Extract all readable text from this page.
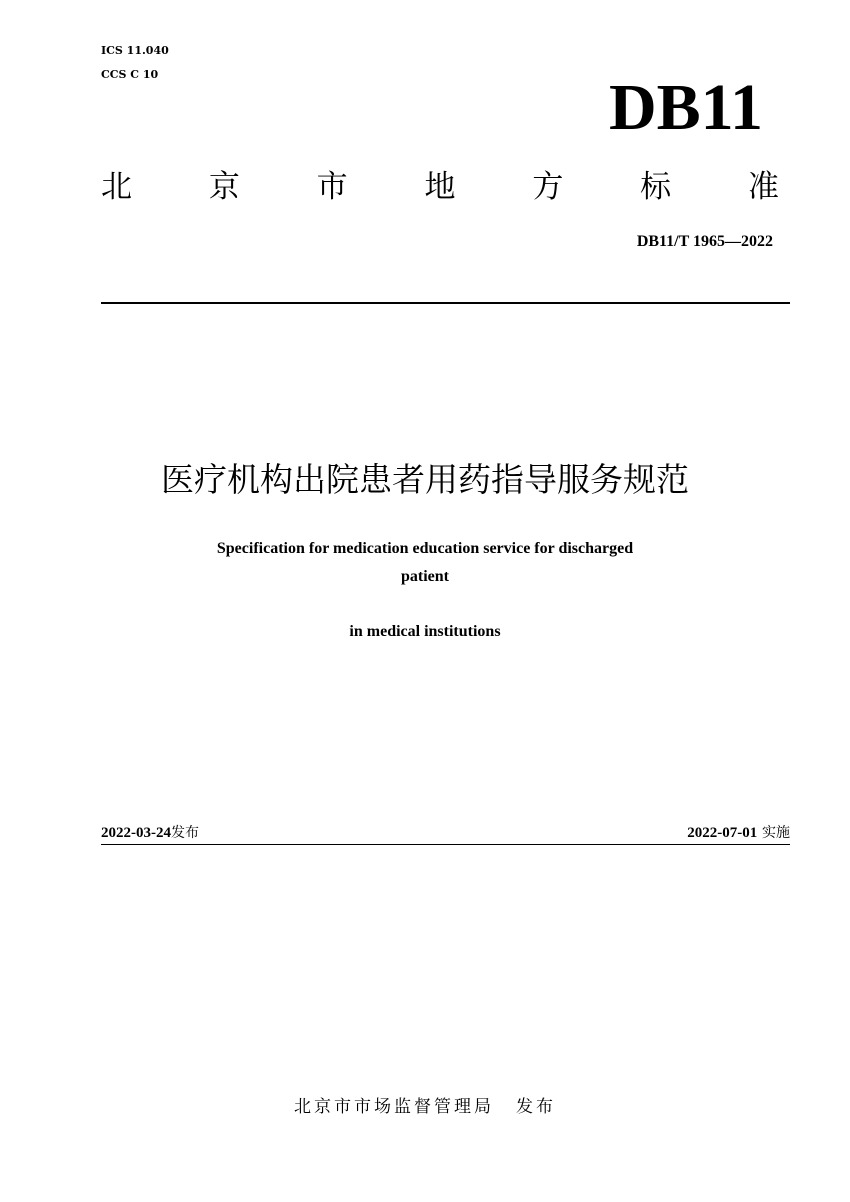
ICS 11.040
CCS C 10	DB11
北 京 市 地 方 标 准
DB11/T 1965—2022
医疗机构出院患者用药指导服务规范
Specification for medication education service for discharged
patient
in medical institutions
2022-03-24发布	2022-07-01 实施
北京市市场监督管理局 发布
